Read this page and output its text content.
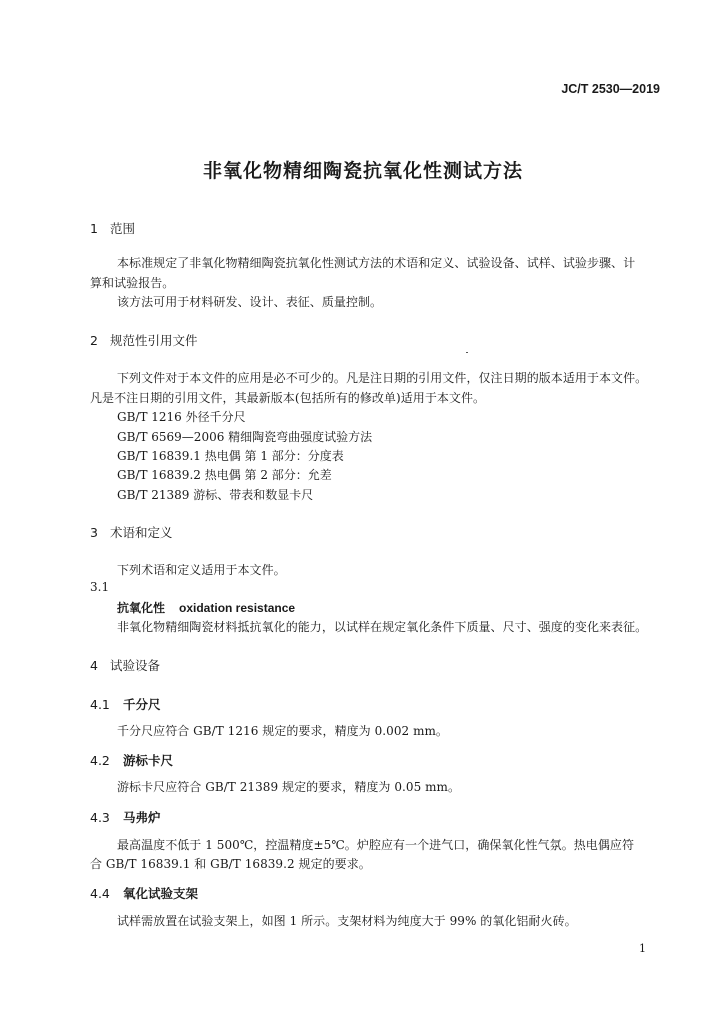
JC/T 2530—2019
非氧化物精细陶瓷抗氧化性测试方法
1 范围
本标准规定了非氧化物精细陶瓷抗氧化性测试方法的术语和定义、试验设备、试样、试验步骤、计
算和试验报告。
该方法可用于材料研发、设计、表征、质量控制。
2 规范性引用文件
下列文件对于本文件的应用是必不可少的。凡是注日期的引用文件，仅注日期的版本适用于本文件。
凡是不注日期的引用文件，其最新版本(包括所有的修改单)适用于本文件。
GB/T 1216 外径千分尺
GB/T 6569—2006 精细陶瓷弯曲强度试验方法
GB/T 16839.1 热电偶 第 1 部分：分度表
GB/T 16839.2 热电偶 第 2 部分：允差
GB/T 21389 游标、带表和数显卡尺
3 术语和定义
下列术语和定义适用于本文件。
3.1
抗氧化性 oxidation resistance
非氧化物精细陶瓷材料抵抗氧化的能力，以试样在规定氧化条件下质量、尺寸、强度的变化来表征。
4 试验设备
4.1 千分尺
千分尺应符合 GB/T 1216 规定的要求，精度为 0.002 mm。
4.2 游标卡尺
游标卡尺应符合 GB/T 21389 规定的要求，精度为 0.05 mm。
4.3 马弗炉
最高温度不低于 1 500℃，控温精度±5℃。炉腔应有一个进气口，确保氧化性气氛。热电偶应符
合 GB/T 16839.1 和 GB/T 16839.2 规定的要求。
4.4 氧化试验支架
试样需放置在试验支架上，如图 1 所示。支架材料为纯度大于 99% 的氧化铝耐火砖。
1
